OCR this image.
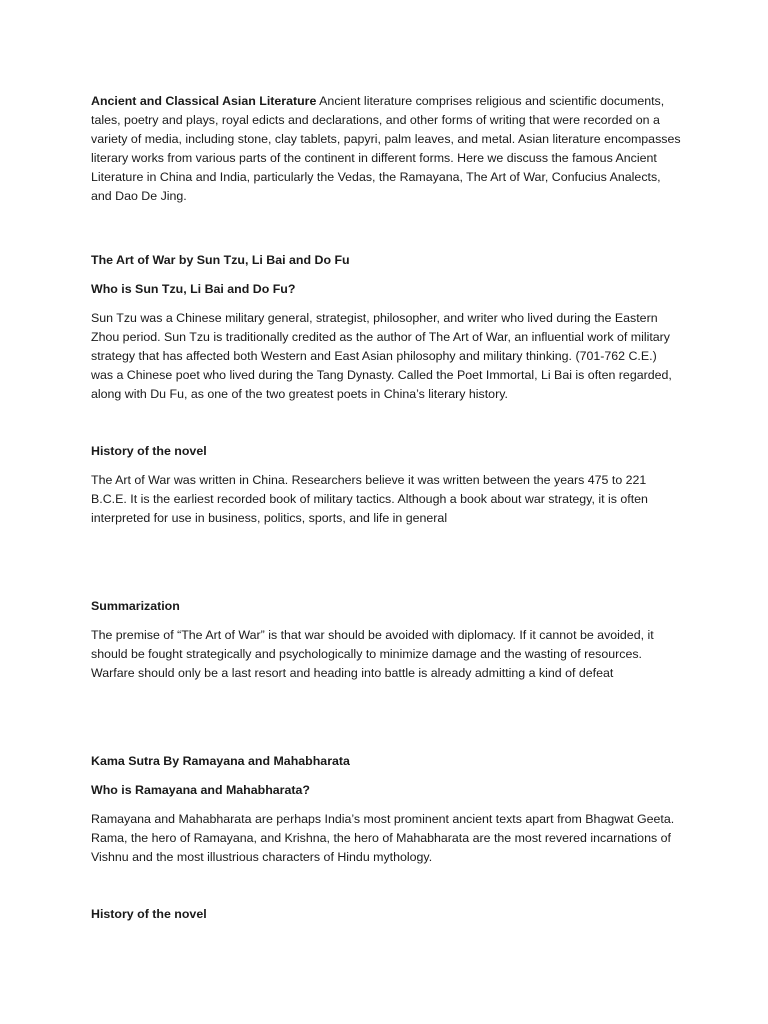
Ancient and Classical Asian Literature Ancient literature comprises religious and scientific documents, tales, poetry and plays, royal edicts and declarations, and other forms of writing that were recorded on a variety of media, including stone, clay tablets, papyri, palm leaves, and metal. Asian literature encompasses literary works from various parts of the continent in different forms. Here we discuss the famous Ancient Literature in China and India, particularly the Vedas, the Ramayana, The Art of War, Confucius Analects, and Dao De Jing.

The Art of War by Sun Tzu, Li Bai and Do Fu

Who is Sun Tzu, Li Bai and Do Fu?

Sun Tzu was a Chinese military general, strategist, philosopher, and writer who lived during the Eastern Zhou period. Sun Tzu is traditionally credited as the author of The Art of War, an influential work of military strategy that has affected both Western and East Asian philosophy and military thinking. (701-762 C.E.) was a Chinese poet who lived during the Tang Dynasty. Called the Poet Immortal, Li Bai is often regarded, along with Du Fu, as one of the two greatest poets in China’s literary history.

History of the novel

The Art of War was written in China. Researchers believe it was written between the years 475 to 221 B.C.E. It is the earliest recorded book of military tactics. Although a book about war strategy, it is often interpreted for use in business, politics, sports, and life in general

Summarization

The premise of “The Art of War” is that war should be avoided with diplomacy. If it cannot be avoided, it should be fought strategically and psychologically to minimize damage and the wasting of resources. Warfare should only be a last resort and heading into battle is already admitting a kind of defeat

Kama Sutra By Ramayana and Mahabharata

Who is Ramayana and Mahabharata?

Ramayana and Mahabharata are perhaps India’s most prominent ancient texts apart from Bhagwat Geeta. Rama, the hero of Ramayana, and Krishna, the hero of Mahabharata are the most revered incarnations of Vishnu and the most illustrious characters of Hindu mythology.

History of the novel
